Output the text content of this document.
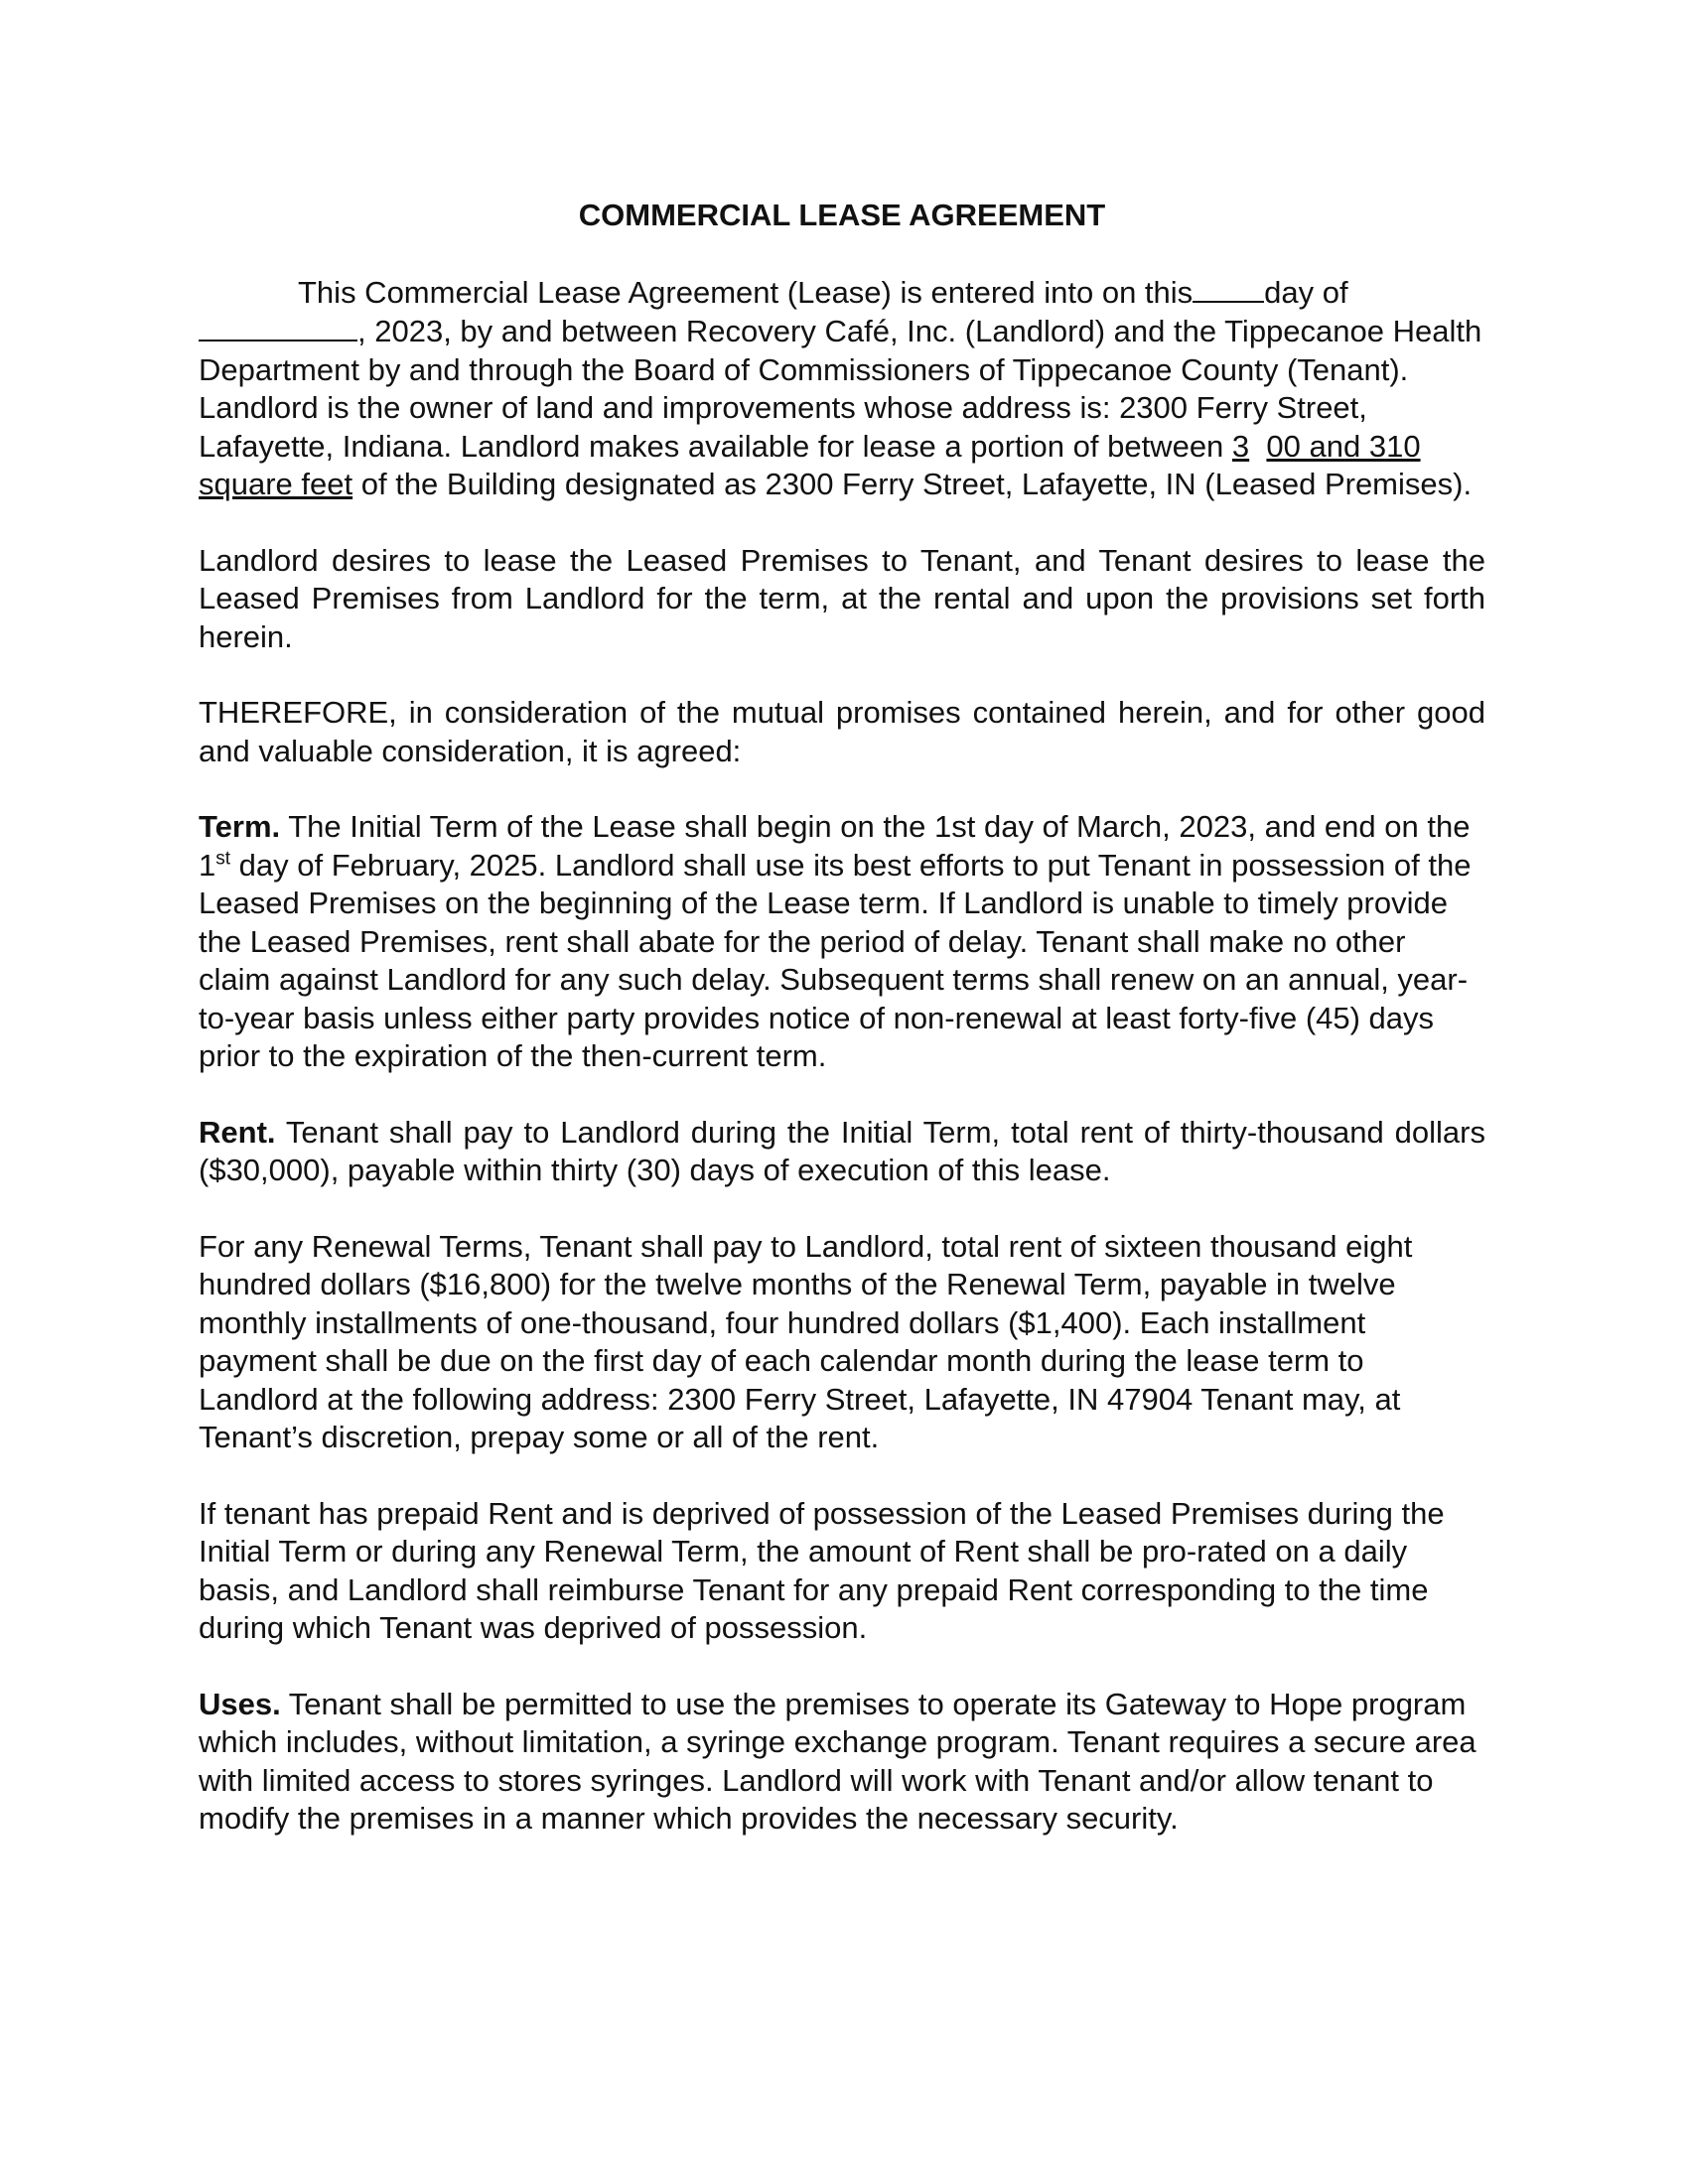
COMMERCIAL LEASE AGREEMENT

This Commercial Lease Agreement (Lease) is entered into on this day of , 2023, by and between Recovery Café, Inc. (Landlord) and the Tippecanoe Health Department by and through the Board of Commissioners of Tippecanoe County (Tenant). Landlord is the owner of land and improvements whose address is: 2300 Ferry Street, Lafayette, Indiana. Landlord makes available for lease a portion of between 3 00 and 310 square feet of the Building designated as 2300 Ferry Street, Lafayette, IN (Leased Premises).

Landlord desires to lease the Leased Premises to Tenant, and Tenant desires to lease the Leased Premises from Landlord for the term, at the rental and upon the provisions set forth herein.

THEREFORE, in consideration of the mutual promises contained herein, and for other good and valuable consideration, it is agreed:

Term. The Initial Term of the Lease shall begin on the 1st day of March, 2023, and end on the 1st day of February, 2025. Landlord shall use its best efforts to put Tenant in possession of the Leased Premises on the beginning of the Lease term. If Landlord is unable to timely provide the Leased Premises, rent shall abate for the period of delay. Tenant shall make no other claim against Landlord for any such delay. Subsequent terms shall renew on an annual, year-to-year basis unless either party provides notice of non-renewal at least forty-five (45) days prior to the expiration of the then-current term.

Rent. Tenant shall pay to Landlord during the Initial Term, total rent of thirty-thousand dollars ($30,000), payable within thirty (30) days of execution of this lease.

For any Renewal Terms, Tenant shall pay to Landlord, total rent of sixteen thousand eight hundred dollars ($16,800) for the twelve months of the Renewal Term, payable in twelve monthly installments of one-thousand, four hundred dollars ($1,400). Each installment payment shall be due on the first day of each calendar month during the lease term to Landlord at the following address: 2300 Ferry Street, Lafayette, IN 47904 Tenant may, at Tenant’s discretion, prepay some or all of the rent.

If tenant has prepaid Rent and is deprived of possession of the Leased Premises during the Initial Term or during any Renewal Term, the amount of Rent shall be pro-rated on a daily basis, and Landlord shall reimburse Tenant for any prepaid Rent corresponding to the time during which Tenant was deprived of possession.

Uses. Tenant shall be permitted to use the premises to operate its Gateway to Hope program which includes, without limitation, a syringe exchange program. Tenant requires a secure area with limited access to stores syringes. Landlord will work with Tenant and/or allow tenant to modify the premises in a manner which provides the necessary security.
